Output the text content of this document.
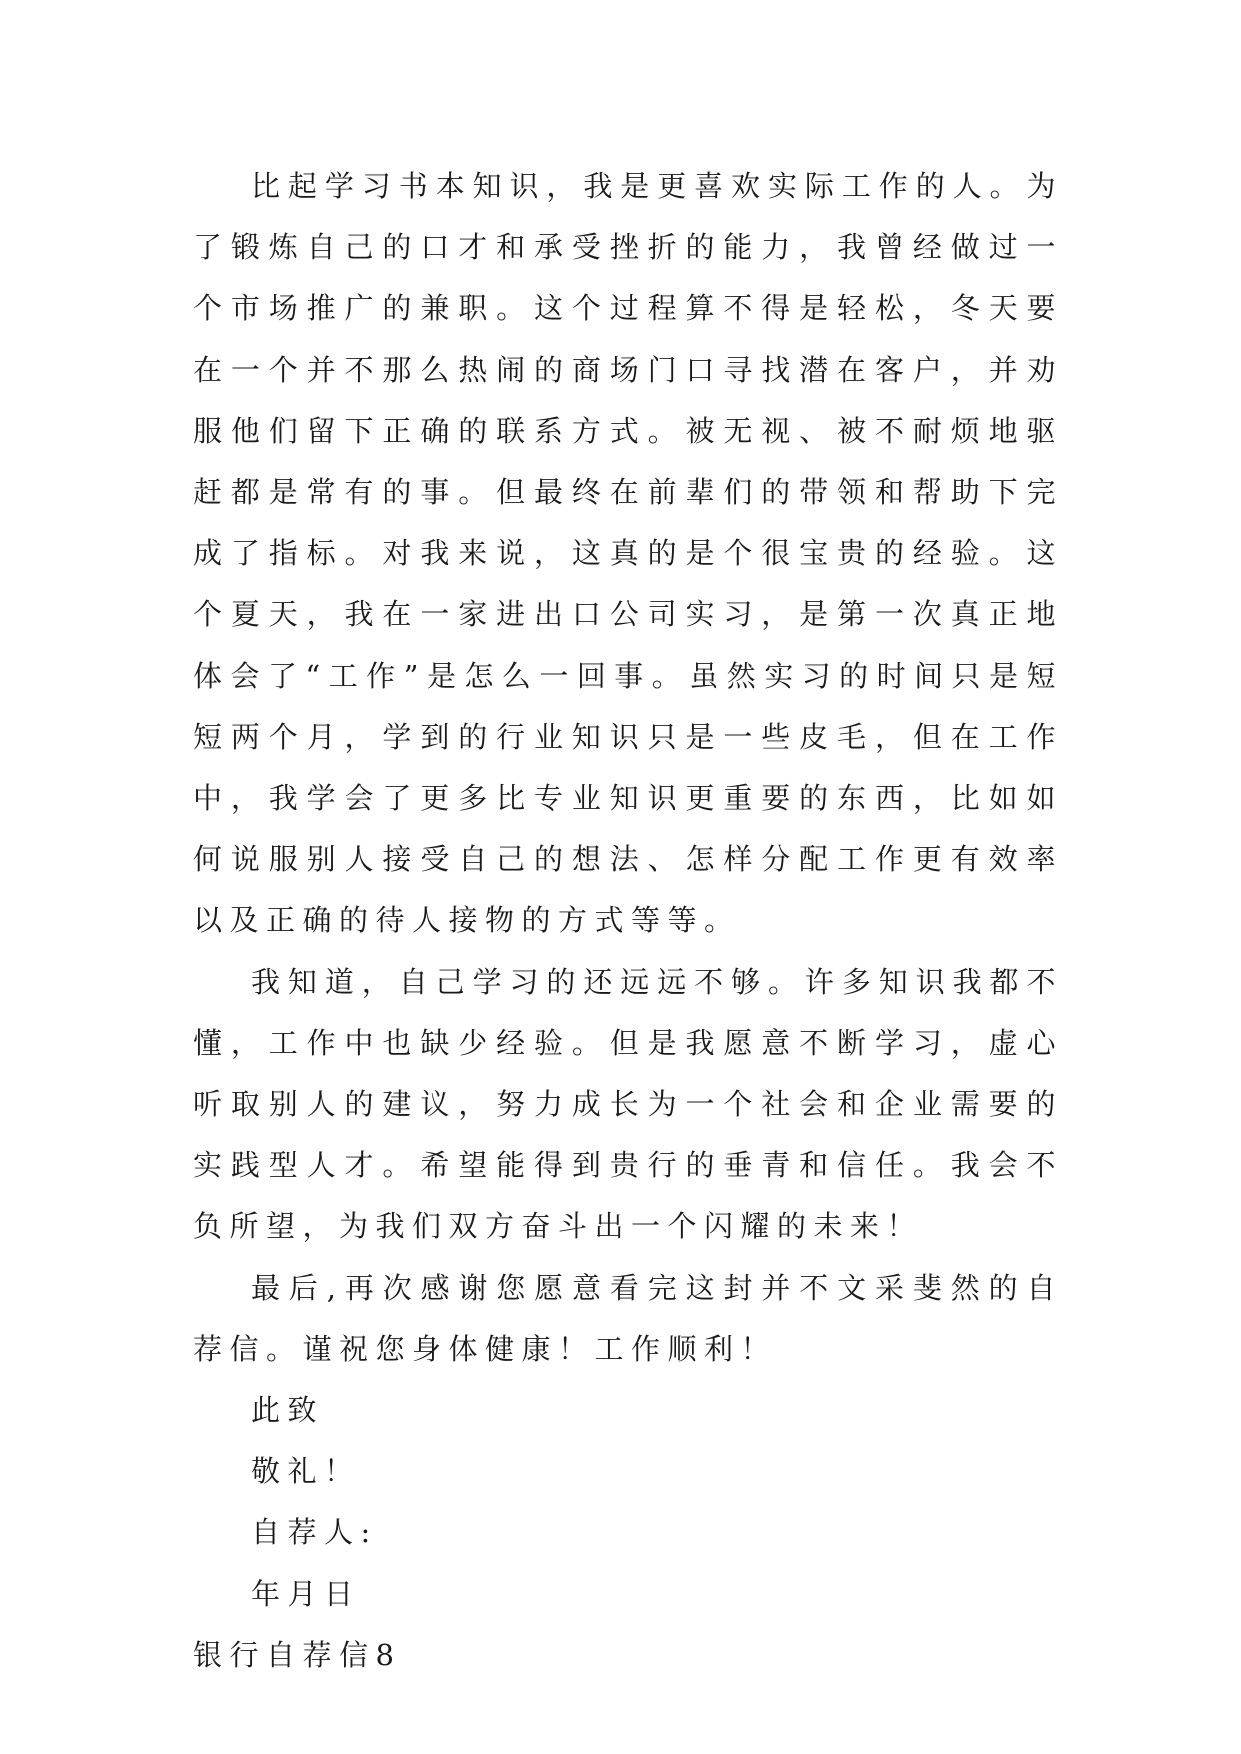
比起学习书本知识，我是更喜欢实际工作的人。为了锻炼自己的口才和承受挫折的能力，我曾经做过一个市场推广的兼职。这个过程算不得是轻松，冬天要在一个并不那么热闹的商场门口寻找潜在客户，并劝服他们留下正确的联系方式。被无视、被不耐烦地驱赶都是常有的事。但最终在前辈们的带领和帮助下完成了指标。对我来说，这真的是个很宝贵的经验。这个夏天，我在一家进出口公司实习，是第一次真正地体会了“工作”是怎么一回事。虽然实习的时间只是短短两个月，学到的行业知识只是一些皮毛，但在工作中，我学会了更多比专业知识更重要的东西，比如如何说服别人接受自己的想法、怎样分配工作更有效率以及正确的待人接物的方式等等。

我知道，自己学习的还远远不够。许多知识我都不懂，工作中也缺少经验。但是我愿意不断学习，虚心听取别人的建议，努力成长为一个社会和企业需要的实践型人才。希望能得到贵行的垂青和信任。我会不负所望，为我们双方奋斗出一个闪耀的未来！

最后,再次感谢您愿意看完这封并不文采斐然的自荐信。谨祝您身体健康！工作顺利！

此致

敬礼！

自荐人:

年月日

银行自荐信8
